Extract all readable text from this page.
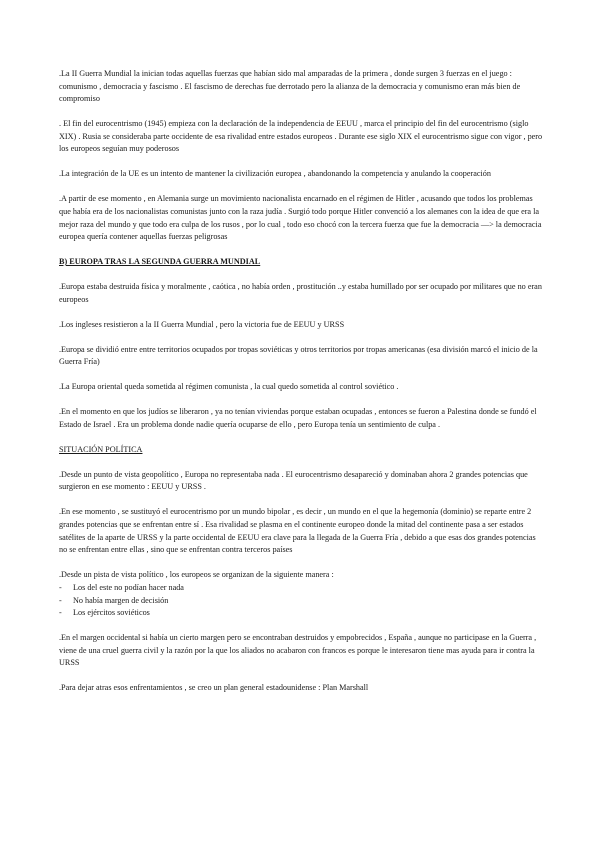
.La II Guerra Mundial la inician todas aquellas fuerzas que habían sido mal amparadas de la primera , donde surgen 3 fuerzas en el juego : comunismo , democracia y fascismo . El fascismo de derechas fue derrotado pero la alianza de la democracia y comunismo eran más bien de compromiso

. El fin del eurocentrismo (1945) empieza con la declaración de la independencia de EEUU , marca el principio del fin del eurocentrismo (siglo XIX) . Rusia se consideraba parte occidente de esa rivalidad entre estados europeos . Durante ese siglo XIX el eurocentrismo sigue con vigor , pero los europeos seguían muy poderosos

.La integración de la UE es un intento de mantener la civilización europea , abandonando la competencia y anulando la cooperación

.A partir de ese momento , en Alemania surge un movimiento nacionalista encarnado en el régimen de Hitler , acusando que todos los problemas que había era de los nacionalistas comunistas junto con la raza judía . Surgió todo porque Hitler convenció a los alemanes con la idea de que era la mejor raza del mundo y que todo era culpa de los rusos , por lo cual , todo eso chocó con la tercera fuerza que fue la democracia —> la democracia europea quería contener aquellas fuerzas peligrosas

B) EUROPA TRAS LA SEGUNDA GUERRA MUNDIAL

.Europa estaba destruida física y moralmente , caótica , no había orden , prostitución ..y estaba humillado por ser ocupado por militares que no eran europeos

.Los ingleses resistieron a la II Guerra Mundial , pero la victoria fue de EEUU y URSS

.Europa se dividió entre entre territorios ocupados por tropas soviéticas y otros territorios por tropas americanas (esa división marcó el inicio de la Guerra Fría)

.La Europa oriental queda sometida al régimen comunista , la cual quedo sometida al control soviético .

.En el momento en que los judíos se liberaron , ya no tenían viviendas porque estaban ocupadas , entonces se fueron a Palestina donde se fundó el Estado de Israel . Era un problema donde nadie quería ocuparse de ello , pero Europa tenía un sentimiento de culpa .

SITUACIÓN POLÍTICA

.Desde un punto de vista geopolítico , Europa no representaba nada . El eurocentrismo desapareció y dominaban ahora 2 grandes potencias que surgieron en ese momento : EEUU y URSS .

.En ese momento , se sustituyó el eurocentrismo por un mundo bipolar , es decir , un mundo en el que la hegemonía (dominio) se reparte entre 2 grandes potencias que se enfrentan entre sí . Esa rivalidad se plasma en el continente europeo donde la mitad del continente pasa a ser estados satélites de la aparte de URSS y la parte occidental de EEUU era clave para la llegada de la Guerra Fría , debido a que esas dos grandes potencias no se enfrentan entre ellas , sino que se enfrentan contra terceros países

.Desde un pista de vista político , los europeos se organizan de la siguiente manera :

- Los del este no podían hacer nada
- No había margen de decisión
- Los ejércitos soviéticos

.En el margen occidental si había un cierto margen pero se encontraban destruidos y empobrecidos , España , aunque no participase en la Guerra , viene de una cruel guerra civil y la razón por la que los aliados no acabaron con francos es porque le interesaron tiene mas ayuda para ir contra la URSS

.Para dejar atras esos enfrentamientos , se creo un plan general estadounidense : Plan Marshall
